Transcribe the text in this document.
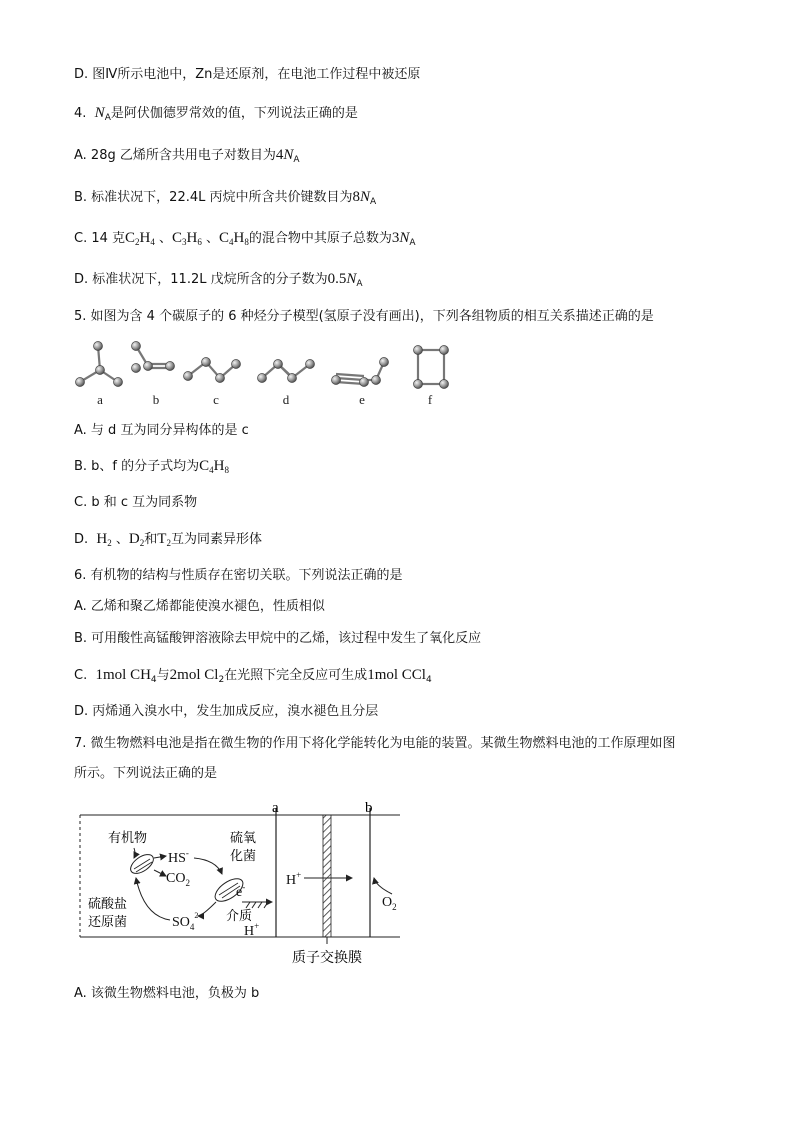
D. 图Ⅳ所示电池中，Zn是还原剂，在电池工作过程中被还原
4. $N_A$是阿伏伽德罗常效的值，下列说法正确的是
A. 28g 乙烯所含共用电子对数目为$4N_A$
B. 标准状况下，22.4L 丙烷中所含共价键数目为$8N_A$
C. 14 克$C_2H_4$ 、$C_3H_6$ 、$C_4H_8$的混合物中其原子总数为$3N_A$
D. 标准状况下，11.2L 戊烷所含的分子数为$0.5N_A$
5. 如图为含 4 个碳原子的 6 种烃分子模型(氢原子没有画出)，下列各组物质的相互关系描述正确的是
a	b	c	d	e	f
A. 与 d 互为同分异构体的是 c
B. b、f 的分子式均为$C_4H_8$
C. b 和 c 互为同系物
D. $H_2$ 、$D_2$和$T_2$互为同素异形体
6. 有机物的结构与性质存在密切关联。下列说法正确的是
A. 乙烯和聚乙烯都能使溴水褪色，性质相似
B. 可用酸性高锰酸钾溶液除去甲烷中的乙烯，该过程中发生了氧化反应
C. 1mol $CH_4$与2mol $Cl_2$在光照下完全反应可生成1mol CCl$_4$
D. 丙烯通入溴水中，发生加成反应，溴水褪色且分层
7. 微生物燃料电池是指在微生物的作用下将化学能转化为电能的装置。某微生物燃料电池的工作原理如图
所示。下列说法正确的是
a	b
有机物	硫氧
化菌
硫酸盐
还原菌	介质
HS-
$CO_2$
e-
$SO_4^{2-}$
H+
H+
$O_2$
质子交换膜
A. 该微生物燃料电池，负极为 b
